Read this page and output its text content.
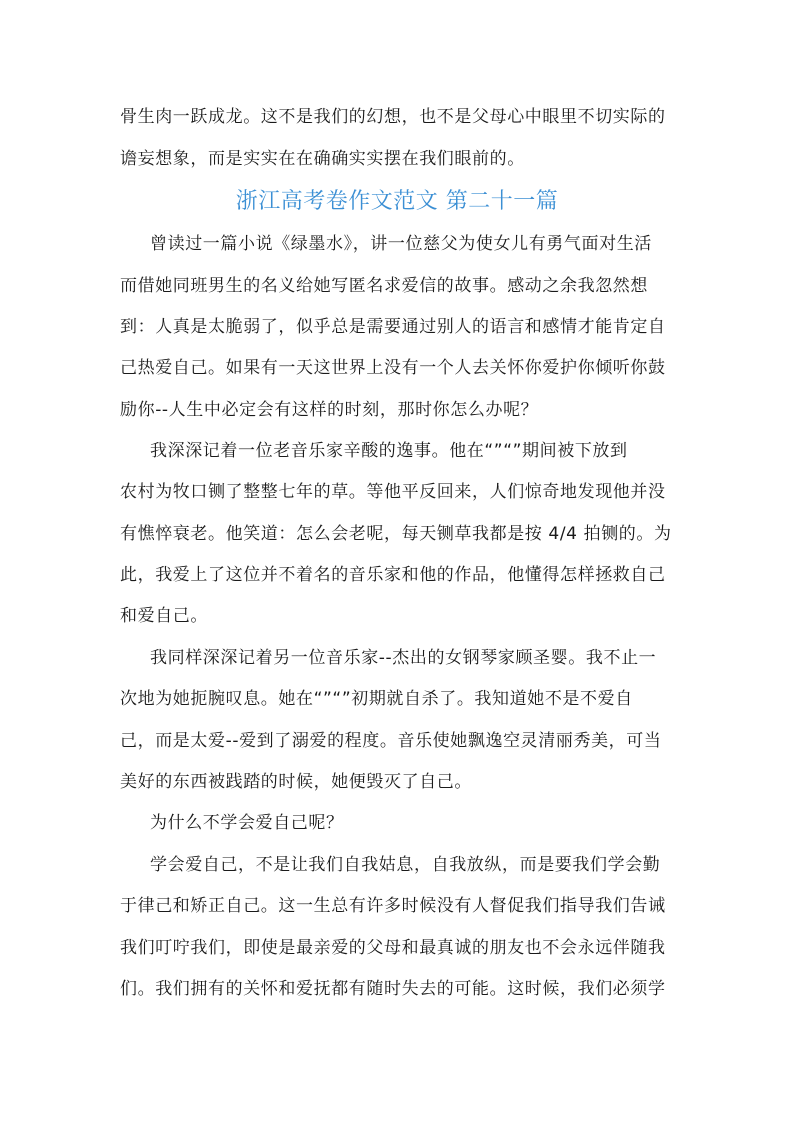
骨生肉一跃成龙。这不是我们的幻想，也不是父母心中眼里不切实际的
谵妄想象，而是实实在在确确实实摆在我们眼前的。
浙江高考卷作文范文 第二十一篇
曾读过一篇小说《绿墨水》，讲一位慈父为使女儿有勇气面对生活
而借她同班男生的名义给她写匿名求爱信的故事。感动之余我忽然想
到：人真是太脆弱了，似乎总是需要通过别人的语言和感情才能肯定自
己热爱自己。如果有一天这世界上没有一个人去关怀你爱护你倾听你鼓
励你--人生中必定会有这样的时刻，那时你怎么办呢？
我深深记着一位老音乐家辛酸的逸事。他在“”“”期间被下放到
农村为牧口铡了整整七年的草。等他平反回来，人们惊奇地发现他并没
有憔悴衰老。他笑道：怎么会老呢，每天铡草我都是按 4/4 拍铡的。为
此，我爱上了这位并不着名的音乐家和他的作品，他懂得怎样拯救自己
和爱自己。
我同样深深记着另一位音乐家--杰出的女钢琴家顾圣婴。我不止一
次地为她扼腕叹息。她在“”“”初期就自杀了。我知道她不是不爱自
己，而是太爱--爱到了溺爱的程度。音乐使她飘逸空灵清丽秀美，可当
美好的东西被践踏的时候，她便毁灭了自己。
为什么不学会爱自己呢？
学会爱自己，不是让我们自我姑息，自我放纵，而是要我们学会勤
于律己和矫正自己。这一生总有许多时候没有人督促我们指导我们告诫
我们叮咛我们，即使是最亲爱的父母和最真诚的朋友也不会永远伴随我
们。我们拥有的关怀和爱抚都有随时失去的可能。这时候，我们必须学
